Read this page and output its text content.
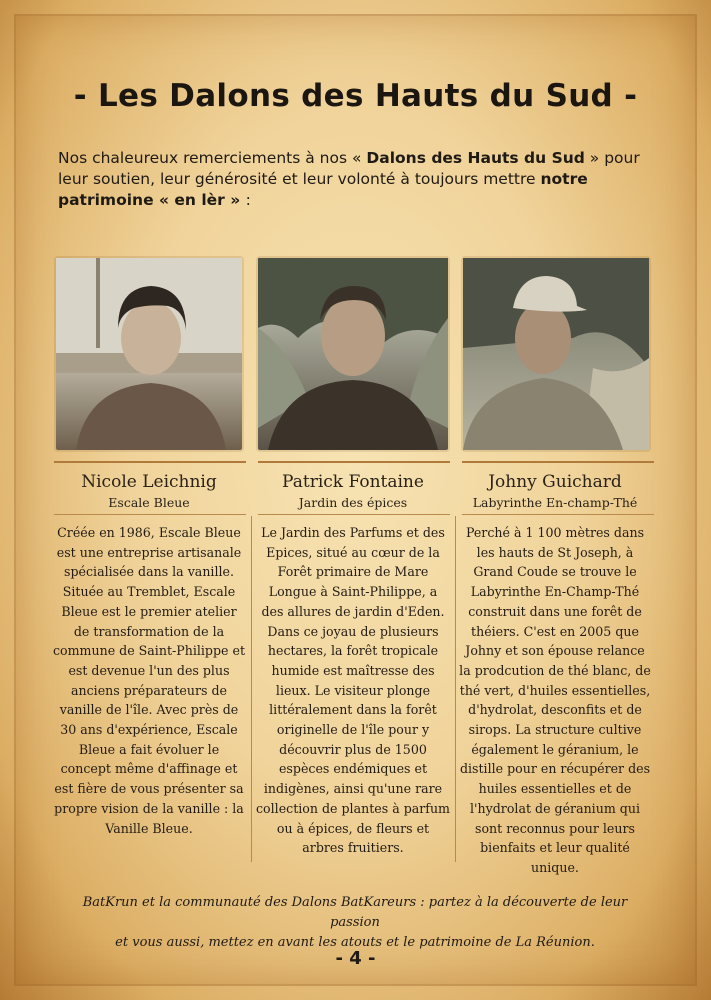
- Les Dalons des Hauts du Sud -
Nos chaleureux remerciements à nos « Dalons des Hauts du Sud » pour leur soutien, leur générosité et leur volonté à toujours mettre notre patrimoine « en lèr » :
Nicole Leichnig	Patrick Fontaine	Johny Guichard
Escale Bleue	Jardin des épices	Labyrinthe En-champ-Thé
Créée en 1986, Escale Bleue est une entreprise artisanale spécialisée dans la vanille. Située au Tremblet, Escale Bleue est le premier atelier de transformation de la commune de Saint-Philippe et est devenue l'un des plus anciens préparateurs de vanille de l'île. Avec près de 30 ans d'expérience, Escale Bleue a fait évoluer le concept même d'affinage et est fière de vous présenter sa propre vision de la vanille : la Vanille Bleue.
Le Jardin des Parfums et des Epices, situé au cœur de la Forêt primaire de Mare Longue à Saint-Philippe, a des allures de jardin d'Eden. Dans ce joyau de plusieurs hectares, la forêt tropicale humide est maîtresse des lieux. Le visiteur plonge littéralement dans la forêt originelle de l'île pour y découvrir plus de 1500 espèces endémiques et indigènes, ainsi qu'une rare collection de plantes à parfum ou à épices, de fleurs et arbres fruitiers.
Perché à 1 100 mètres dans les hauts de St Joseph, à Grand Coude se trouve le Labyrinthe En-Champ-Thé construit dans une forêt de théiers. C'est en 2005 que Johny et son épouse relance la prodcution de thé blanc, de thé vert, d'huiles essentielles, d'hydrolat, desconfits et de sirops. La structure cultive également le géranium, le distille pour en récupérer des huiles essentielles et de l'hydrolat de géranium qui sont reconnus pour leurs bienfaits et leur qualité unique.
BatKrun et la communauté des Dalons BatKareurs : partez à la découverte de leur passion
et vous aussi, mettez en avant les atouts et le patrimoine de La Réunion.
- 4 -
